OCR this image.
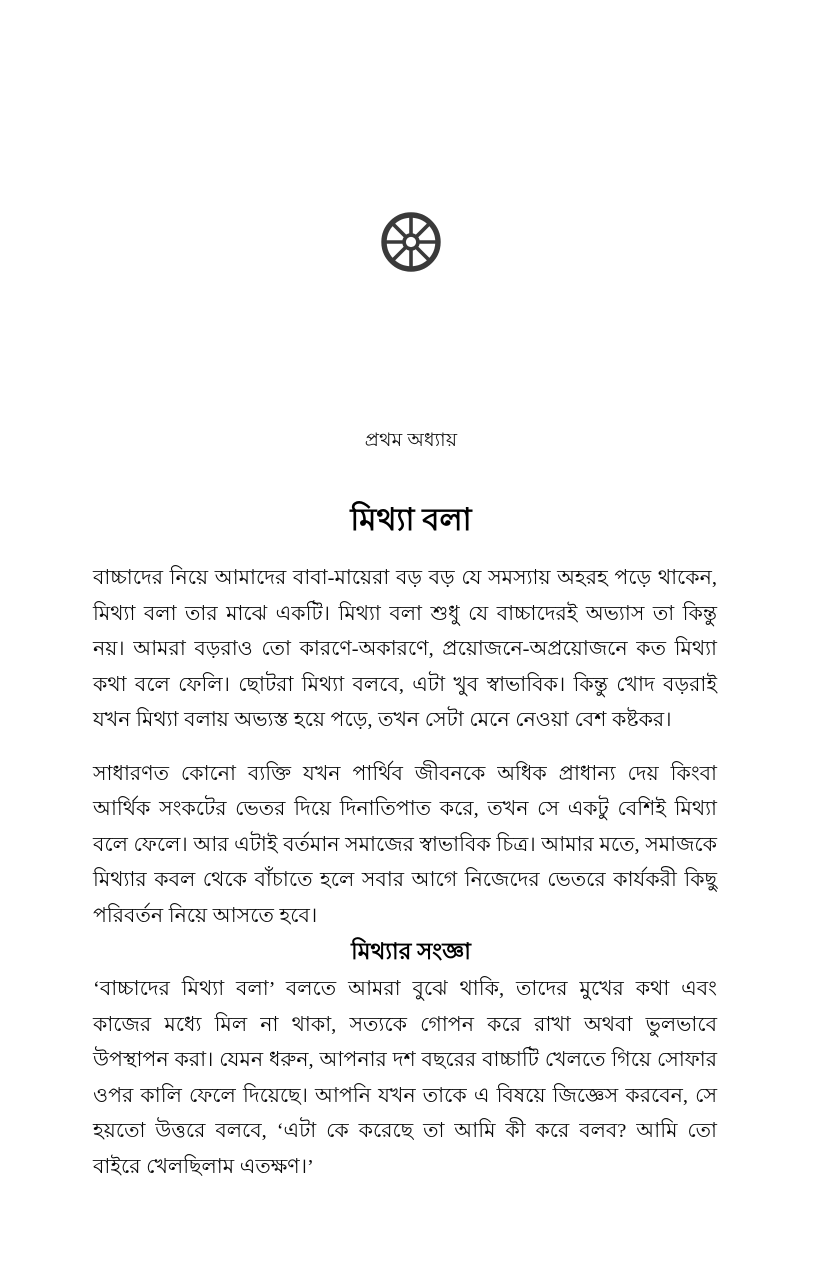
প্রথম অধ্যায়
মিথ্যা বলা

বাচ্চাদের নিয়ে আমাদের বাবা-মায়েরা বড় বড় যে সমস্যায় অহরহ পড়ে থাকেন, মিথ্যা বলা তার মাঝে একটি। মিথ্যা বলা শুধু যে বাচ্চাদেরই অভ্যাস তা কিন্তু নয়। আমরা বড়রাও তো কারণে-অকারণে, প্রয়োজনে-অপ্রয়োজনে কত মিথ্যা কথা বলে ফেলি। ছোটরা মিথ্যা বলবে, এটা খুব স্বাভাবিক। কিন্তু খোদ বড়রাই যখন মিথ্যা বলায় অভ্যস্ত হয়ে পড়ে, তখন সেটা মেনে নেওয়া বেশ কষ্টকর।

সাধারণত কোনো ব্যক্তি যখন পার্থিব জীবনকে অধিক প্রাধান্য দেয় কিংবা আর্থিক সংকটের ভেতর দিয়ে দিনাতিপাত করে, তখন সে একটু বেশিই মিথ্যা বলে ফেলে। আর এটাই বর্তমান সমাজের স্বাভাবিক চিত্র। আমার মতে, সমাজকে মিথ্যার কবল থেকে বাঁচাতে হলে সবার আগে নিজেদের ভেতরে কার্যকরী কিছু পরিবর্তন নিয়ে আসতে হবে।

মিথ্যার সংজ্ঞা

‘বাচ্চাদের মিথ্যা বলা’ বলতে আমরা বুঝে থাকি, তাদের মুখের কথা এবং কাজের মধ্যে মিল না থাকা, সত্যকে গোপন করে রাখা অথবা ভুলভাবে উপস্থাপন করা। যেমন ধরুন, আপনার দশ বছরের বাচ্চাটি খেলতে গিয়ে সোফার ওপর কালি ফেলে দিয়েছে। আপনি যখন তাকে এ বিষয়ে জিজ্ঞেস করবেন, সে হয়তো উত্তরে বলবে, ‘এটা কে করেছে তা আমি কী করে বলব? আমি তো বাইরে খেলছিলাম এতক্ষণ।’
